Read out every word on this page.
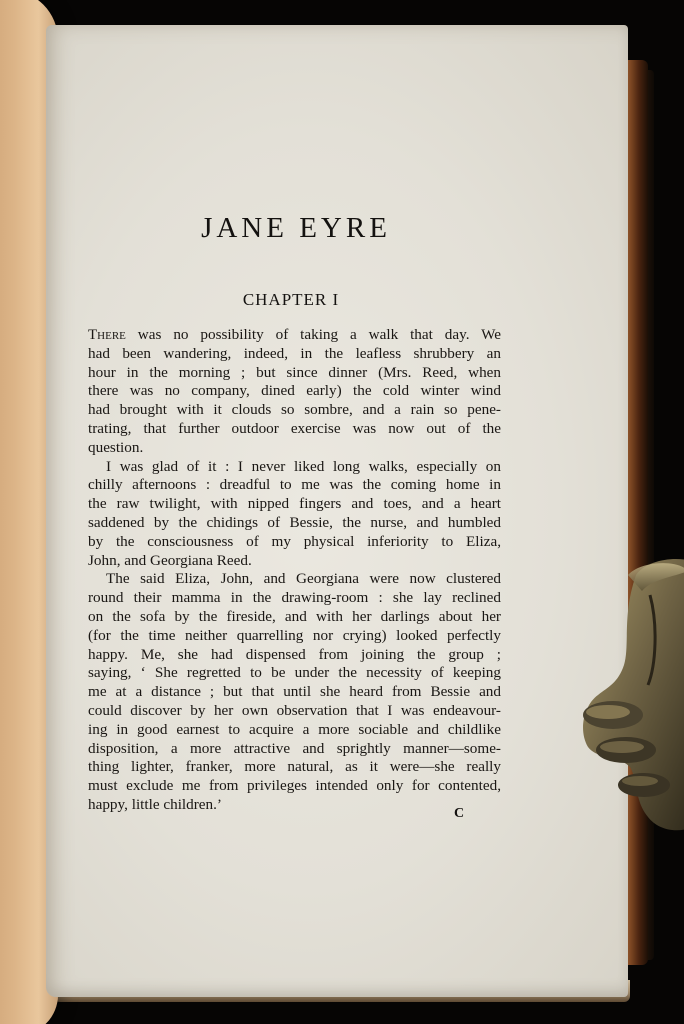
JANE EYRE
CHAPTER I

There was no possibility of taking a walk that day. We

had been wandering, indeed, in the leafless shrubbery an

hour in the morning ; but since dinner (Mrs. Reed, when

there was no company, dined early) the cold winter wind

had brought with it clouds so sombre, and a rain so pene-

trating, that further outdoor exercise was now out of the

question.

I was glad of it : I never liked long walks, especially on

chilly afternoons : dreadful to me was the coming home in

the raw twilight, with nipped fingers and toes, and a heart

saddened by the chidings of Bessie, the nurse, and humbled

by the consciousness of my physical inferiority to Eliza,

John, and Georgiana Reed.

The said Eliza, John, and Georgiana were now clustered

round their mamma in the drawing-room : she lay reclined

on the sofa by the fireside, and with her darlings about her

(for the time neither quarrelling nor crying) looked perfectly

happy. Me, she had dispensed from joining the group ;

saying, ‘ She regretted to be under the necessity of keeping

me at a distance ; but that until she heard from Bessie and

could discover by her own observation that I was endeavour-

ing in good earnest to acquire a more sociable and childlike

disposition, a more attractive and sprightly manner—some-

thing lighter, franker, more natural, as it were—she really

must exclude me from privileges intended only for contented,

happy, little children.’

C
